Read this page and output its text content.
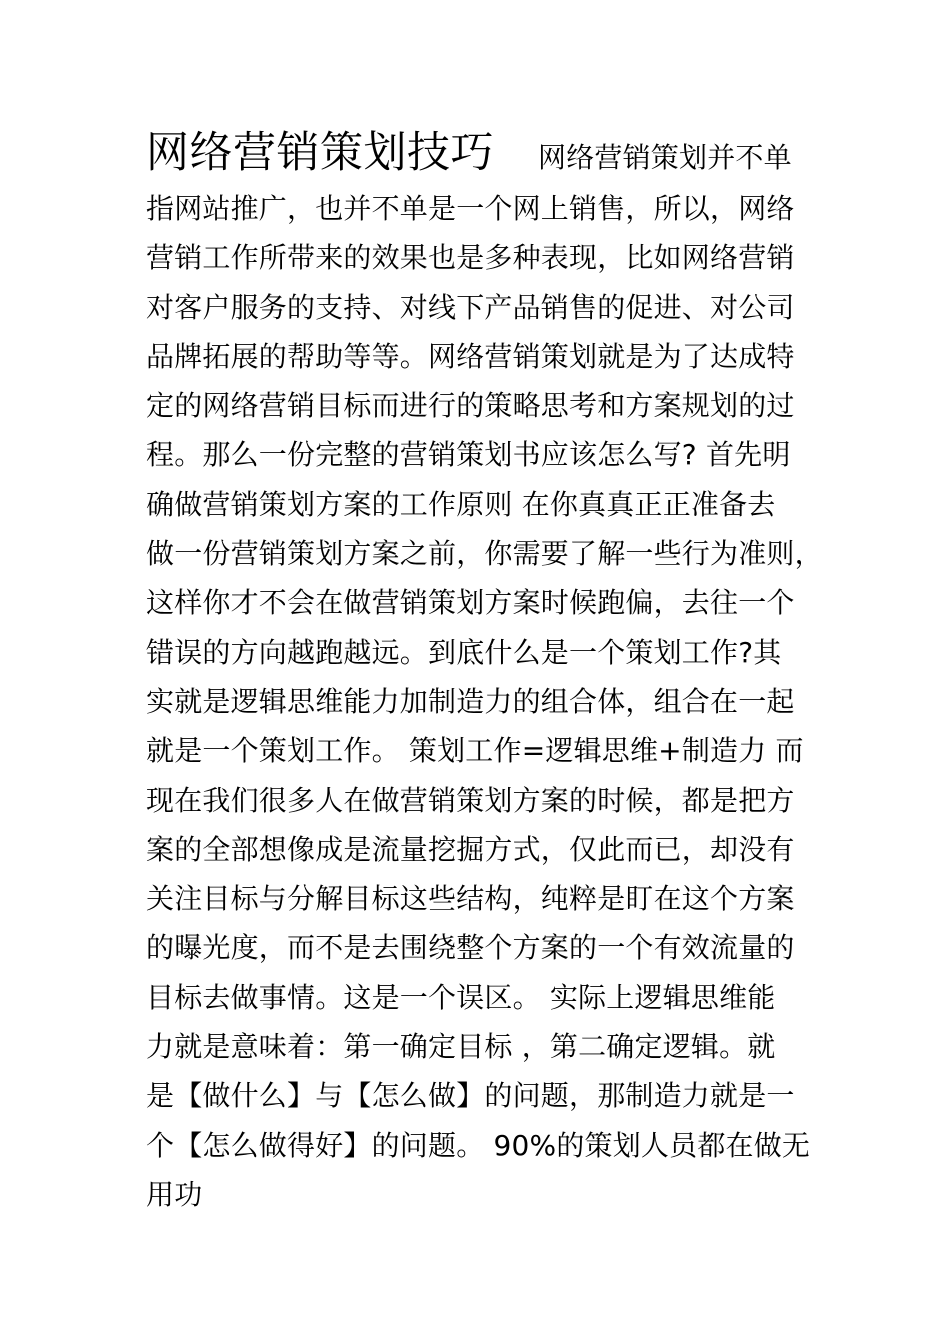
网络营销策划技巧 网络营销策划并不单
指网站推广，也并不单是一个网上销售，所以，网络
营销工作所带来的效果也是多种表现，比如网络营销
对客户服务的支持、对线下产品销售的促进、对公司
品牌拓展的帮助等等。网络营销策划就是为了达成特
定的网络营销目标而进行的策略思考和方案规划的过
程。那么一份完整的营销策划书应该怎么写? 首先明
确做营销策划方案的工作原则 在你真真正正准备去
做一份营销策划方案之前，你需要了解一些行为准则，
这样你才不会在做营销策划方案时候跑偏，去往一个
错误的方向越跑越远。到底什么是一个策划工作?其
实就是逻辑思维能力加制造力的组合体，组合在一起
就是一个策划工作。 策划工作=逻辑思维+制造力 而
现在我们很多人在做营销策划方案的时候，都是把方
案的全部想像成是流量挖掘方式，仅此而已，却没有
关注目标与分解目标这些结构，纯粹是盯在这个方案
的曝光度，而不是去围绕整个方案的一个有效流量的
目标去做事情。这是一个误区。 实际上逻辑思维能
力就是意味着：第一确定目标 ，第二确定逻辑。就
是【做什么】与【怎么做】的问题，那制造力就是一
个【怎么做得好】的问题。 90%的策划人员都在做无
用功
